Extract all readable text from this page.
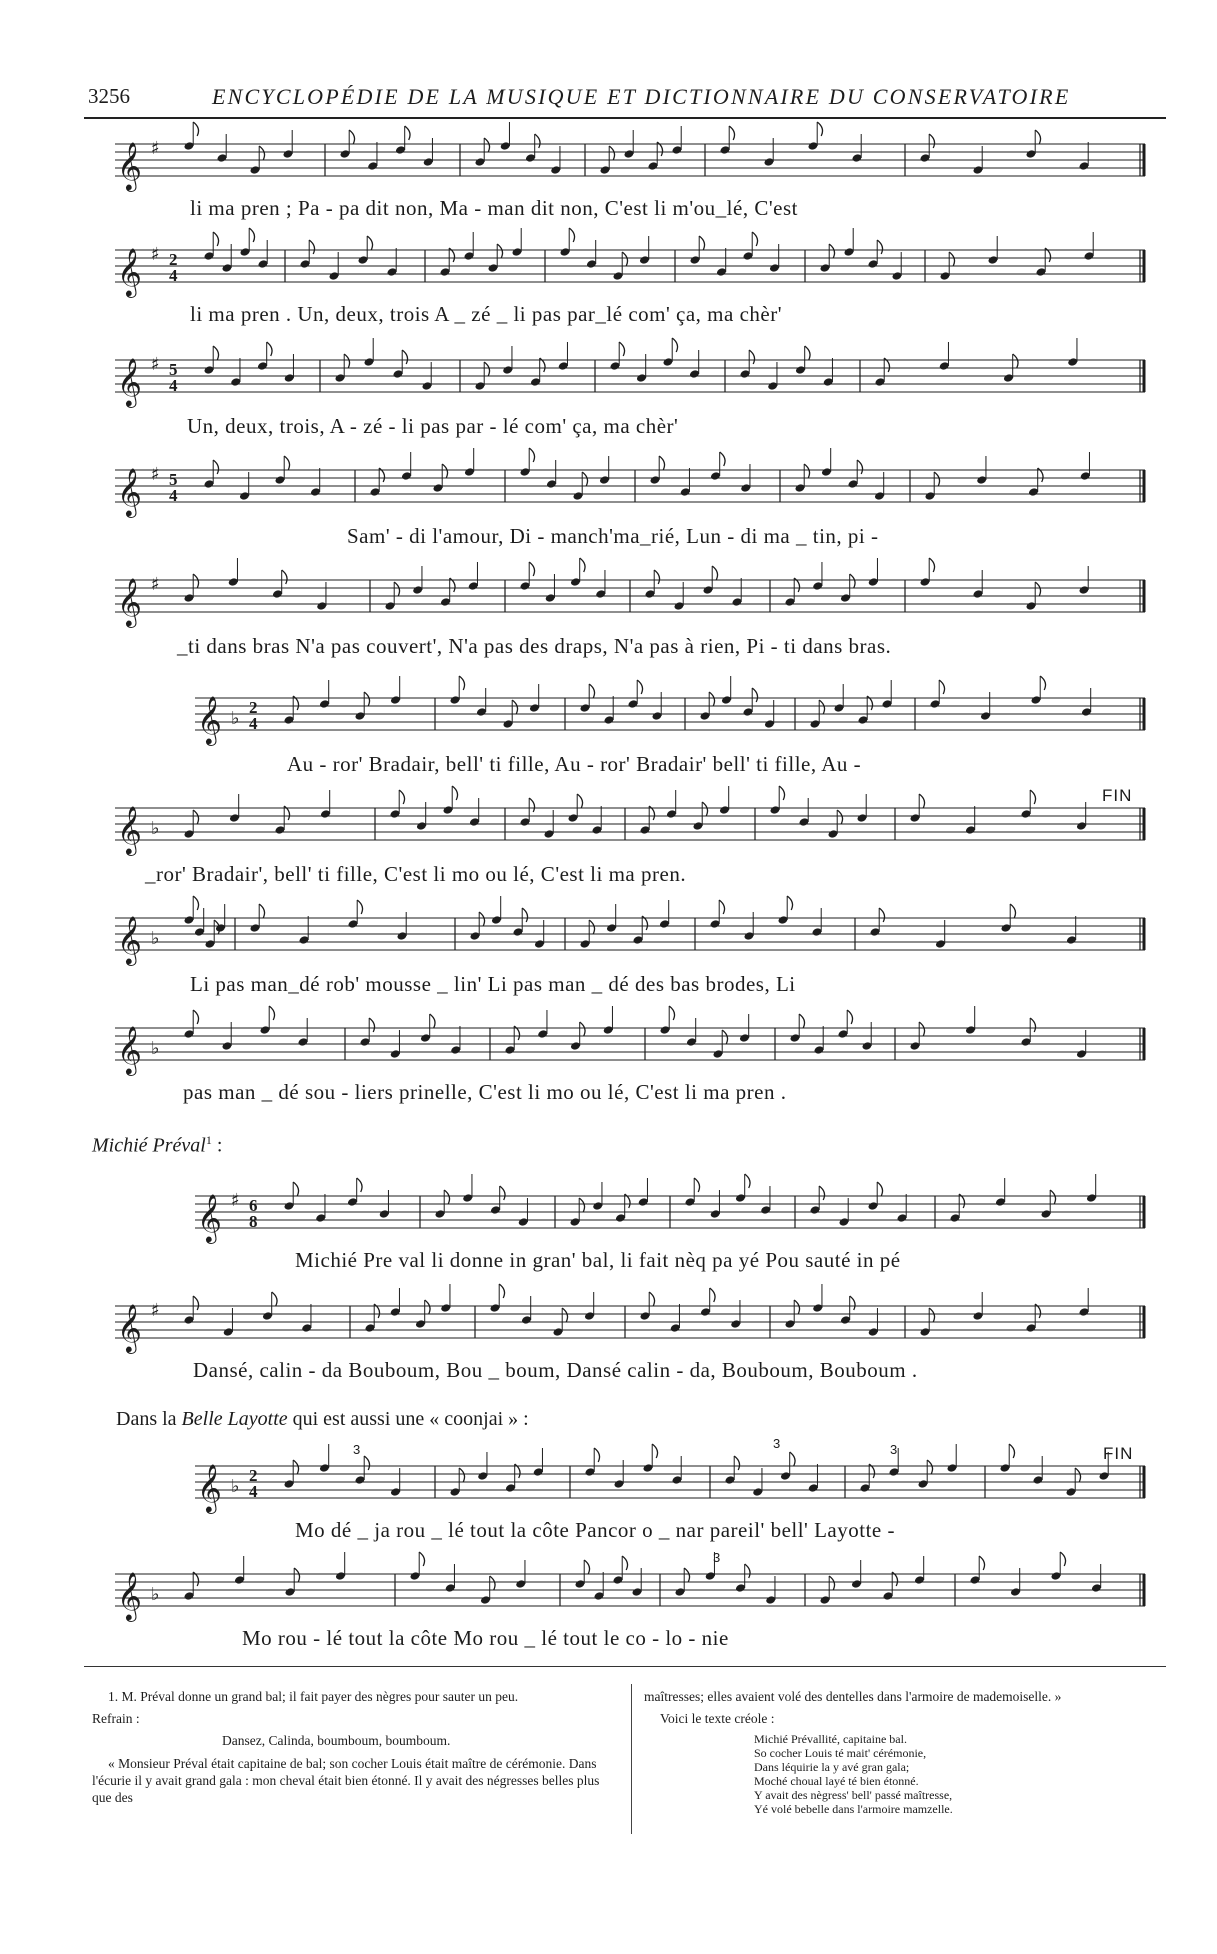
3256	ENCYCLOPÉDIE DE LA MUSIQUE ET DICTIONNAIRE DU CONSERVATOIRE
𝄞 ♯
li ma pren ; Pa - pa dit non, Ma - man dit non, C'est li m'ou_lé, C'est
𝄞 ♯ 2
4
li ma pren . Un, deux, trois A _ zé _ li pas par_lé com' ça, ma chèr'
𝄞 ♯ 5
4
Un, deux, trois, A - zé - li pas par - lé com' ça, ma chèr'
𝄞 ♯ 5
4
Sam' - di l'amour, Di - manch'ma_rié, Lun - di ma _ tin, pi -
𝄞 ♯
_ti dans bras N'a pas couvert', N'a pas des draps, N'a pas à rien, Pi - ti dans bras.
𝄞 ♭
2
4
Au - ror' Bradair, bell' ti fille, Au - ror' Bradair' bell' ti fille, Au -
𝄞 ♭
FIN
_ror' Bradair', bell' ti fille, C'est li mo ou lé, C'est li ma pren.
𝄞 ♭
Li pas man_dé rob' mousse _ lin' Li pas man _ dé des bas brodes, Li
𝄞 ♭
pas man _ dé sou - liers prinelle, C'est li mo ou lé, C'est li ma pren .
Michié Préval$^1$ :
𝄞 ♯ 6
8
Michié Pre val li donne in gran' bal, li fait nèq pa yé Pou sauté in pé
𝄞 ♯
Dansé, calin - da Bouboum, Bou _ boum, Dansé calin - da, Bouboum, Bouboum .
Dans la Belle Layotte qui est aussi une « coonjai » :
𝄞 ♭
2
4
FIN
3	3	3
Mo dé _ ja rou _ lé tout la côte Pancor o _ nar pareil' bell' Layotte -
𝄞 ♭
3
Mo rou - lé tout la côte Mo rou _ lé tout le co - lo - nie

1. M. Préval donne un grand bal; il fait payer des nègres pour sauter un peu.

Refrain :

Dansez, Calinda, boumboum, boumboum.

« Monsieur Préval était capitaine de bal; son cocher Louis était maître de cérémonie. Dans l'écurie il y avait grand gala : mon cheval était bien étonné. Il y avait des négresses belles plus que des

maîtresses; elles avaient volé des dentelles dans l'armoire de mademoiselle. »

Voici le texte créole :

Michié Prévallité, capitaine bal.
So cocher Louis té mait' cérémonie,
Dans léquirie la y avé gran gala;
Moché choual layé té bien étonné.
Y avait des nègress' bell' passé maîtresse,
Yé volé bebelle dans l'armoire mamzelle.
